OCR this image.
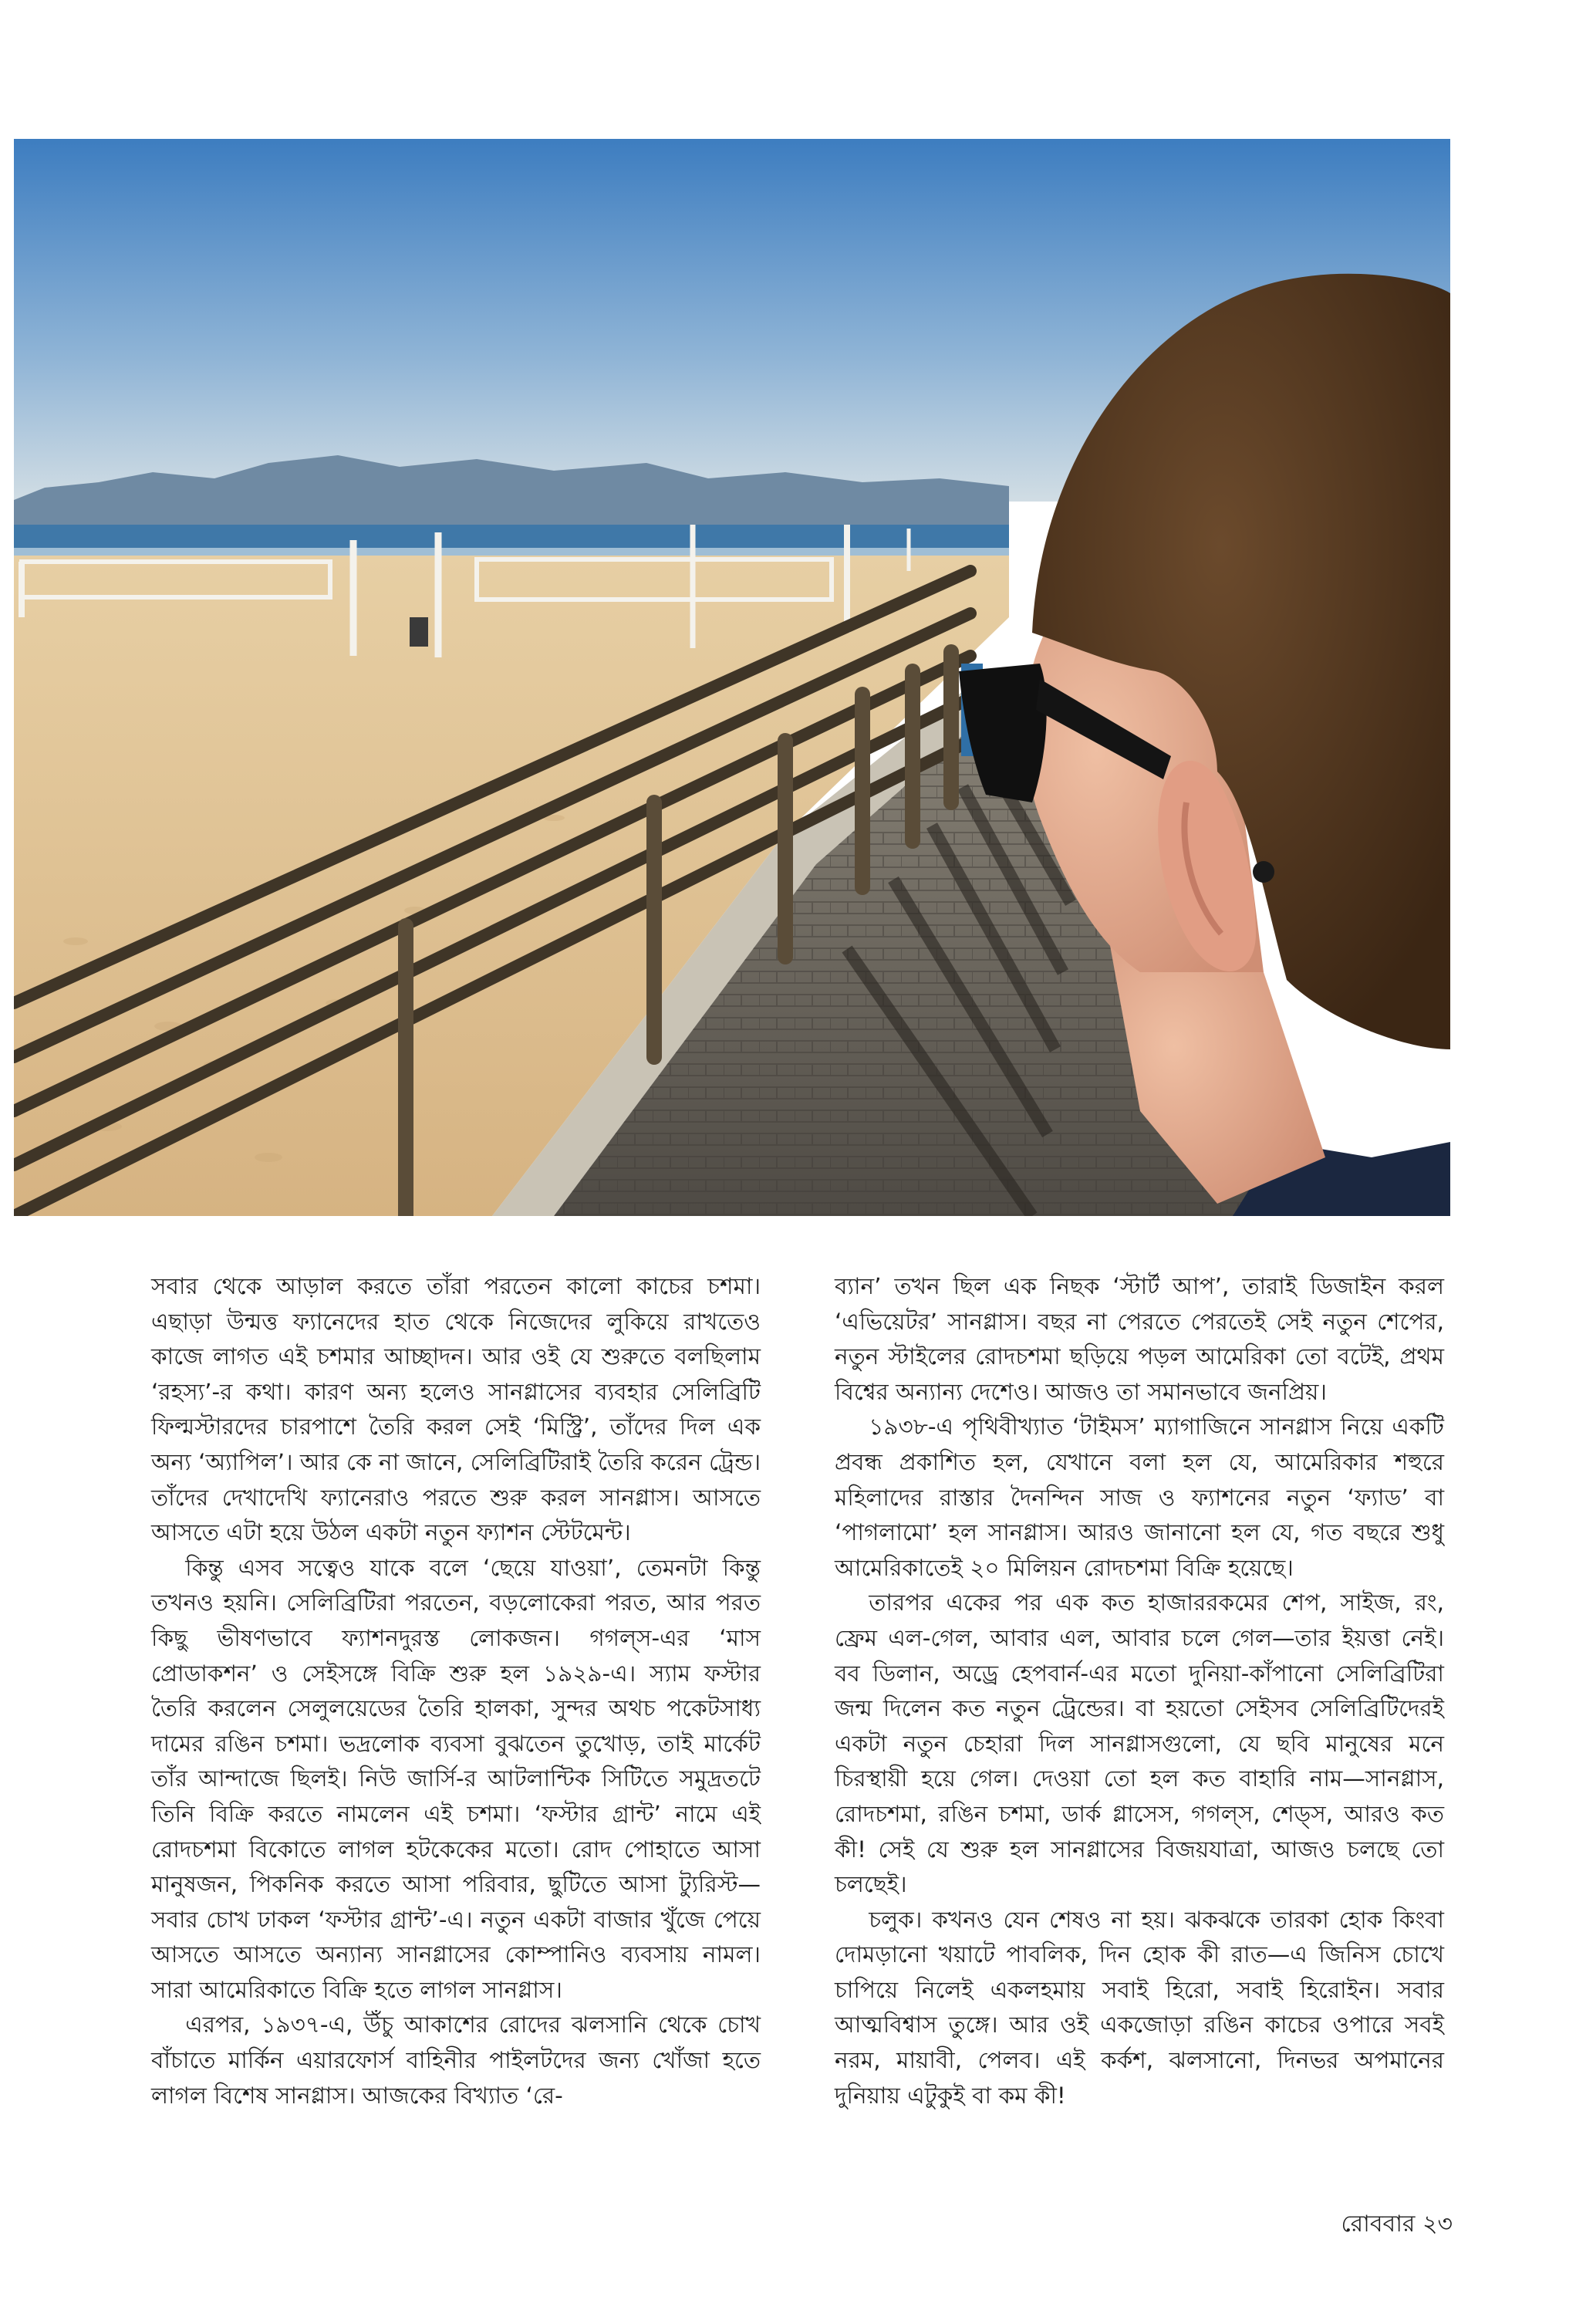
সবার থেকে আড়াল করতে তাঁরা পরতেন কালো কাচের চশমা। এছাড়া উন্মত্ত ফ্যানেদের হাত থেকে নিজেদের লুকিয়ে রাখতেও কাজে লাগত এই চশমার আচ্ছাদন। আর ওই যে শুরুতে বলছিলাম ‘রহস্য’-র কথা। কারণ অন্য হলেও সানগ্লাসের ব্যবহার সেলিব্রিটি ফিল্মস্টারদের চারপাশে তৈরি করল সেই ‘মিস্ট্রি’, তাঁদের দিল এক অন্য ‘অ্যাপিল’। আর কে না জানে, সেলিব্রিটিরাই তৈরি করেন ট্রেন্ড। তাঁদের দেখাদেখি ফ্যানেরাও পরতে শুরু করল সানগ্লাস। আসতে আসতে এটা হয়ে উঠল একটা নতুন ফ্যাশন স্টেটমেন্ট।

কিন্তু এসব সত্বেও যাকে বলে ‘ছেয়ে যাওয়া’, তেমনটা কিন্তু তখনও হয়নি। সেলিব্রিটিরা পরতেন, বড়লোকেরা পরত, আর পরত কিছু ভীষণভাবে ফ্যাশনদুরস্ত লোকজন। গগল্‌স-এর ‘মাস প্রোডাকশন’ ও সেইসঙ্গে বিক্রি শুরু হল ১৯২৯-এ। স্যাম ফস্টার তৈরি করলেন সেলুলয়েডের তৈরি হালকা, সুন্দর অথচ পকেটসাধ্য দামের রঙিন চশমা। ভদ্রলোক ব্যবসা বুঝতেন তুখোড়, তাই মার্কেট তাঁর আন্দাজে ছিলই। নিউ জার্সি-র আটলান্টিক সিটিতে সমুদ্রতটে তিনি বিক্রি করতে নামলেন এই চশমা। ‘ফস্টার গ্রান্ট’ নামে এই রোদচশমা বিকোতে লাগল হটকেকের মতো। রোদ পোহাতে আসা মানুষজন, পিকনিক করতে আসা পরিবার, ছুটিতে আসা ট্যুরিস্ট—সবার চোখ ঢাকল ‘ফস্টার গ্রান্ট’-এ। নতুন একটা বাজার খুঁজে পেয়ে আসতে আসতে অন্যান্য সানগ্লাসের কোম্পানিও ব্যবসায় নামল। সারা আমেরিকাতে বিক্রি হতে লাগল সানগ্লাস।

এরপর, ১৯৩৭-এ, উঁচু আকাশের রোদের ঝলসানি থেকে চোখ বাঁচাতে মার্কিন এয়ারফোর্স বাহিনীর পাইলটদের জন্য খোঁজা হতে লাগল বিশেষ সানগ্লাস। আজকের বিখ্যাত ‘রে-

ব্যান’ তখন ছিল এক নিছক ‘স্টার্ট আপ’, তারাই ডিজাইন করল ‘এভিয়েটর’ সানগ্লাস। বছর না পেরতে পেরতেই সেই নতুন শেপের, নতুন স্টাইলের রোদচশমা ছড়িয়ে পড়ল আমেরিকা তো বটেই, প্রথম বিশ্বের অন্যান্য দেশেও। আজও তা সমানভাবে জনপ্রিয়।

১৯৩৮-এ পৃথিবীখ্যাত ‘টাইমস’ ম্যাগাজিনে সানগ্লাস নিয়ে একটি প্রবন্ধ প্রকাশিত হল, যেখানে বলা হল যে, আমেরিকার শহুরে মহিলাদের রাস্তার দৈনন্দিন সাজ ও ফ্যাশনের নতুন ‘ফ্যাড’ বা ‘পাগলামো’ হল সানগ্লাস। আরও জানানো হল যে, গত বছরে শুধু আমেরিকাতেই ২০ মিলিয়ন রোদচশমা বিক্রি হয়েছে।

তারপর একের পর এক কত হাজাররকমের শেপ, সাইজ, রং, ফ্রেম এল-গেল, আবার এল, আবার চলে গেল—তার ইয়ত্তা নেই। বব ডিলান, অড্রে হেপবার্ন-এর মতো দুনিয়া-কাঁপানো সেলিব্রিটিরা জন্ম দিলেন কত নতুন ট্রেন্ডের। বা হয়তো সেইসব সেলিব্রিটিদেরই একটা নতুন চেহারা দিল সানগ্লাসগুলো, যে ছবি মানুষের মনে চিরস্থায়ী হয়ে গেল। দেওয়া তো হল কত বাহারি নাম—সানগ্লাস, রোদচশমা, রঙিন চশমা, ডার্ক গ্লাসেস, গগল্‌স, শেড্‌স, আরও কত কী! সেই যে শুরু হল সানগ্লাসের বিজয়যাত্রা, আজও চলছে তো চলছেই।

চলুক। কখনও যেন শেষও না হয়। ঝকঝকে তারকা হোক কিংবা দোমড়ানো খয়াটে পাবলিক, দিন হোক কী রাত—এ জিনিস চোখে চাপিয়ে নিলেই একলহমায় সবাই হিরো, সবাই হিরোইন। সবার আত্মবিশ্বাস তুঙ্গে। আর ওই একজোড়া রঙিন কাচের ওপারে সবই নরম, মায়াবী, পেলব। এই কর্কশ, ঝলসানো, দিনভর অপমানের দুনিয়ায় এটুকুই বা কম কী!

রোববার ২৩
